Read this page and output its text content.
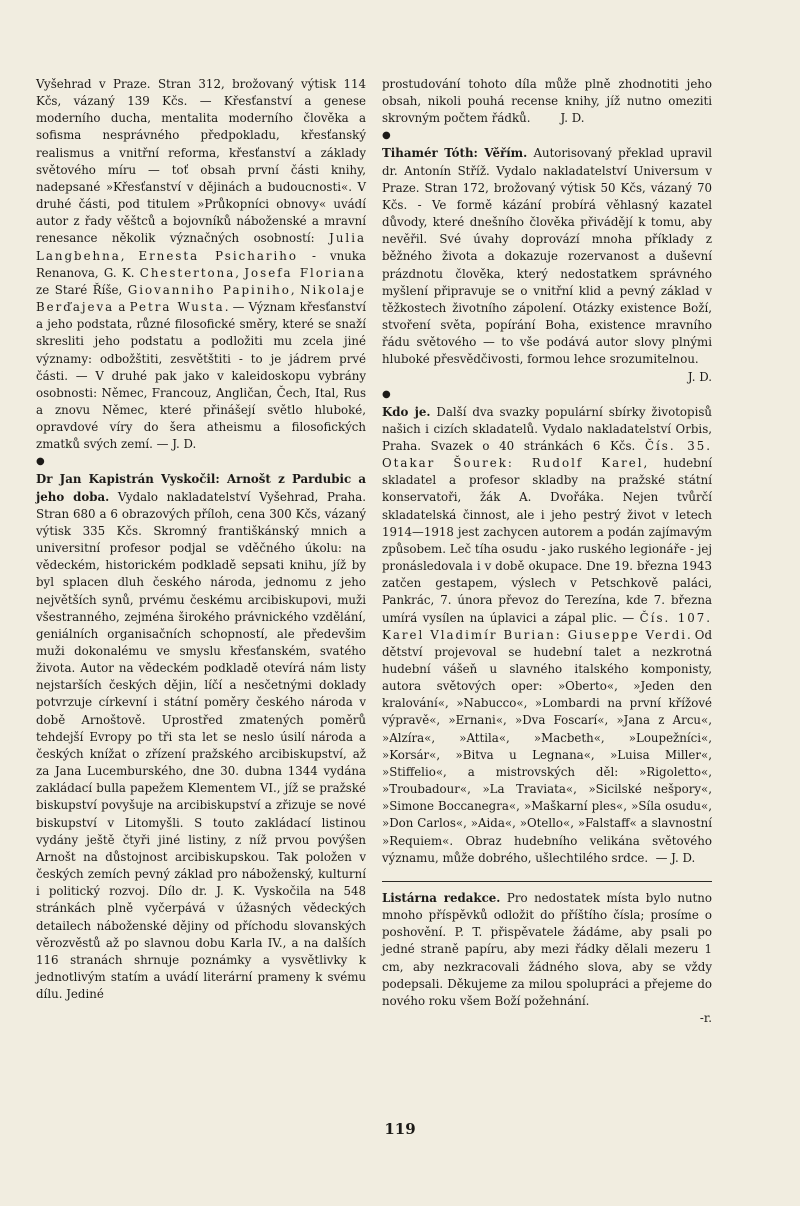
Vyšehrad v Praze. Stran 312, brožovaný výtisk 114 Kčs, vázaný 139 Kčs. — Křesťanství a genese moderního ducha, mentalita moderního člověka a sofisma nesprávného předpokladu, křesťanský realismus a vnitřní reforma, křesťanství a základy světového míru — toť obsah první části knihy, nadepsané »Křesťanství v dějinách a budoucnosti«. V druhé části, pod titulem »Průkopníci obnovy« uvádí autor z řady věštců a bojovníků náboženské a mravní renesance několik význačných osobností: Julia Langbehna, Ernesta Psichariho - vnuka Renanova, G. K. Chestertona, Josefa Floriana ze Staré Říše, Giovanniho Papiniho, Nikolaje Berďajeva a Petra Wusta. — Význam křesťanství a jeho podstata, různé filosofické směry, které se snaží skresliti jeho podstatu a podložiti mu zcela jiné významy: odbožštiti, zesvětštiti - to je jádrem prvé části. — V druhé pak jako v kaleidoskopu vybrány osobnosti: Němec, Francouz, Angličan, Čech, Ital, Rus a znovu Němec, které přinášejí světlo hluboké, opravdové víry do šera atheismu a filosofických zmatků svých zemí. — J. D.

●

Dr Jan Kapistrán Vyskočil: Arnošt z Pardubic a jeho doba. Vydalo nakladatelství Vyšehrad, Praha. Stran 680 a 6 obrazových příloh, cena 300 Kčs, vázaný výtisk 335 Kčs. Skromný františkánský mnich a universitní profesor podjal se vděčného úkolu: na vědeckém, historickém podkladě sepsati knihu, jíž by byl splacen dluh českého národa, jednomu z jeho největších synů, prvému českému arcibiskupovi, muži všestranného, zejména širokého právnického vzdělání, geniálních organisačních schopností, ale předevšim muži dokonalému ve smyslu křesťanském, svatého života. Autor na vědeckém podkladě otevírá nám listy nejstarších českých dějin, líčí a nesčetnými doklady potvrzuje církevní i státní poměry českého národa v době Arnoštově. Uprostřed zmatených poměrů tehdejší Evropy po tři sta let se neslo úsilí národa a českých knížat o zřízení pražského arcibiskupství, až za Jana Lucemburského, dne 30. dubna 1344 vydána zakládací bulla papežem Klementem VI., jíž se pražské biskupství povyšuje na arcibiskupství a zřizuje se nové biskupství v Litomyšli. S touto zakládací listinou vydány ještě čtyři jiné listiny, z níž prvou povýšen Arnošt na důstojnost arcibiskupskou. Tak položen v českých zemích pevný základ pro náboženský, kulturní i politický rozvoj. Dílo dr. J. K. Vyskočila na 548 stránkách plně vyčerpává v úžasných vědeckých detailech náboženské dějiny od příchodu slovanských věrozvěstů až po slavnou dobu Karla IV., a na dalších 116 stranách shrnuje poznámky a vysvětlivky k jednotlivým statím a uvádí literární prameny k svému dílu. Jediné

prostudování tohoto díla může plně zhodnotiti jeho obsah, nikoli pouhá recense knihy, jíž nutno omeziti skrovným počtem řádků.	J. D.

●

Tihamér Tóth: Věřím. Autorisovaný překlad upravil dr. Antonín Stříž. Vydalo nakladatelství Universum v Praze. Stran 172, brožovaný výtisk 50 Kčs, vázaný 70 Kčs. - Ve formě kázání probírá věhlasný kazatel důvody, které dnešního člověka přivádějí k tomu, aby nevěřil. Své úvahy doprovází mnoha příklady z běžného života a dokazuje rozervanost a duševní prázdnotu člověka, který nedostatkem správného myšlení připravuje se o vnitřní klid a pevný základ v těžkostech životního zápolení. Otázky existence Boží, stvoření světa, popírání Boha, existence mravního řádu světového — to vše podává autor slovy plnými hluboké přesvědčivosti, formou lehce srozumitelnou.
J. D.

●

Kdo je. Další dva svazky populární sbírky životopisů našich i cizích skladatelů. Vydalo nakladatelství Orbis, Praha. Svazek o 40 stránkách 6 Kčs. Čís. 35. Otakar Šourek: Rudolf Karel, hudební skladatel a profesor skladby na pražské státní konservatoři, žák A. Dvořáka. Nejen tvůrčí skladatelská činnost, ale i jeho pestrý život v letech 1914—1918 jest zachycen autorem a podán zajímavým způsobem. Leč tíha osudu - jako ruského legionáře - jej pronásledovala i v době okupace. Dne 19. března 1943 zatčen gestapem, výslech v Petschkově paláci, Pankrác, 7. února převoz do Terezína, kde 7. března umírá vysílen na úplavici a zápal plic. — Čís. 107. Karel Vladimír Burian: Giuseppe Verdi. Od dětství projevoval se hudební talet a nezkrotná hudební vášeň u slavného italského komponisty, autora světových oper: »Oberto«, »Jeden den kralování«, »Nabucco«, »Lombardi na první křížové výpravě«, »Ernani«, »Dva Foscarí«, »Jana z Arcu«, »Alzíra«, »Attila«, »Macbeth«, »Loupežníci«, »Korsár«, »Bitva u Legnana«, »Luisa Miller«, »Stiffelio«, a mistrovských děl: »Rigoletto«, »Troubadour«, »La Traviata«, »Sicilské nešpory«, »Simone Boccanegra«, »Maškarní ples«, »Síla osudu«, »Don Carlos«, »Aida«, »Otello«, »Falstaff« a slavnostní »Requiem«. Obraz hudebního velikána světového významu, může dobrého, ušlechtilého srdce. — J. D.

Listárna redakce. Pro nedostatek místa bylo nutno mnoho příspěvků odložit do příštího čísla; prosíme o poshovění. P. T. přispěvatele žádáme, aby psali po jedné straně papíru, aby mezi řádky dělali mezeru 1 cm, aby nezkracovali žádného slova, aby se vždy podepsali. Děkujeme za milou spolupráci a přejeme do nového roku všem Boží požehnání.
-r.

119
